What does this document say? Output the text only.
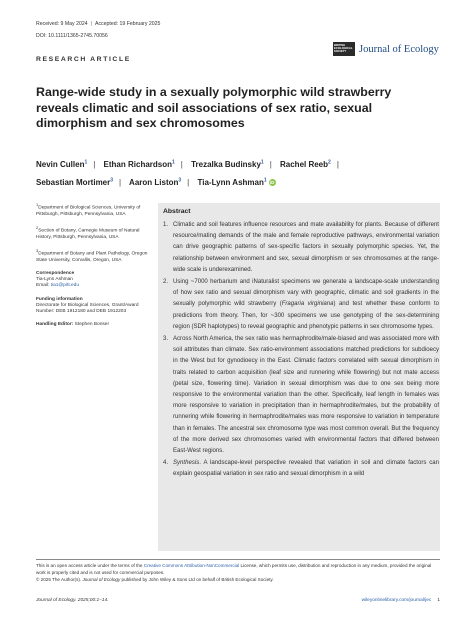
Received: 9 May 2024 | Accepted: 19 February 2025
DOI: 10.1111/1365-2745.70056
BRITISH ECOLOGICAL SOCIETY	Journal of Ecology
RESEARCH ARTICLE
Range-wide study in a sexually polymorphic wild strawberry reveals climatic and soil associations of sex ratio, sexual dimorphism and sex chromosomes
Nevin Cullen$^1$ | Ethan Richardson$^1$ | Trezalka Budinsky$^1$ | Rachel Reeb$^2$ |
Sebastian Mortimer$^3$ | Aaron Liston$^3$ | Tia-Lynn Ashman$^1$ iD
$^1$Department of Biological Sciences, University of Pittsburgh, Pittsburgh, Pennsylvania, USA
$^2$Section of Botany, Carnegie Museum of Natural History, Pittsburgh, Pennsylvania, USA
$^3$Department of Botany and Plant Pathology, Oregon State University, Corvallis, Oregon, USA
Correspondence
Tia-Lynn Ashman
Email: tia1@pitt.edu
Funding information
Directorate for Biological Sciences, Grant/Award Number: DEB 1912180 and DEB 1912203
Handling Editor: Stephen Bonser
Abstract
1. Climatic and soil features influence resources and mate availability for plants. Because of different resource/mating demands of the male and female reproductive pathways, environmental variation can drive geographic patterns of sex-specific factors in sexually polymorphic species. Yet, the relationship between environment and sex, sexual dimorphism or sex chromosomes at the range-wide scale is underexamined.
2. Using ~7000 herbarium and iNaturalist specimens we generate a landscape-scale understanding of how sex ratio and sexual dimorphism vary with geographic, climatic and soil gradients in the sexually polymorphic wild strawberry (Fragaria virginiana) and test whether these conform to predictions from theory. Then, for ~300 specimens we use genotyping of the sex-determining region (SDR haplotypes) to reveal geographic and phenotypic patterns in sex chromosome types.
3. Across North America, the sex ratio was hermaphrodite/male-biased and was associated more with soil attributes than climate. Sex ratio-environment associations matched predictions for subdioecy in the West but for gynodioecy in the East. Climatic factors correlated with sexual dimorphism in traits related to carbon acquisition (leaf size and runnering while flowering) but not mate access (petal size, flowering time). Variation in sexual dimorphism was due to one sex being more responsive to the environmental variation than the other. Specifically, leaf length in females was more responsive to variation in precipitation than in hermaphrodite/males, but the probability of runnering while flowering in hermaphrodite/males was more responsive to variation in temperature than in females. The ancestral sex chromosome type was most common overall. But the frequency of the more derived sex chromosomes varied with environmental factors that differed between East-West regions.
4. Synthesis. A landscape-level perspective revealed that variation in soil and climate factors can explain geospatial variation in sex ratio and sexual dimorphism in a wild
This is an open access article under the terms of the Creative Commons Attribution-NonCommercial License, which permits use, distribution and reproduction in any medium, provided the original work is properly cited and is not used for commercial purposes.
© 2025 The Author(s). Journal of Ecology published by John Wiley & Sons Ltd on behalf of British Ecological Society.
Journal of Ecology. 2025;00:1–14.	wileyonlinelibrary.com/journal/jec 1
